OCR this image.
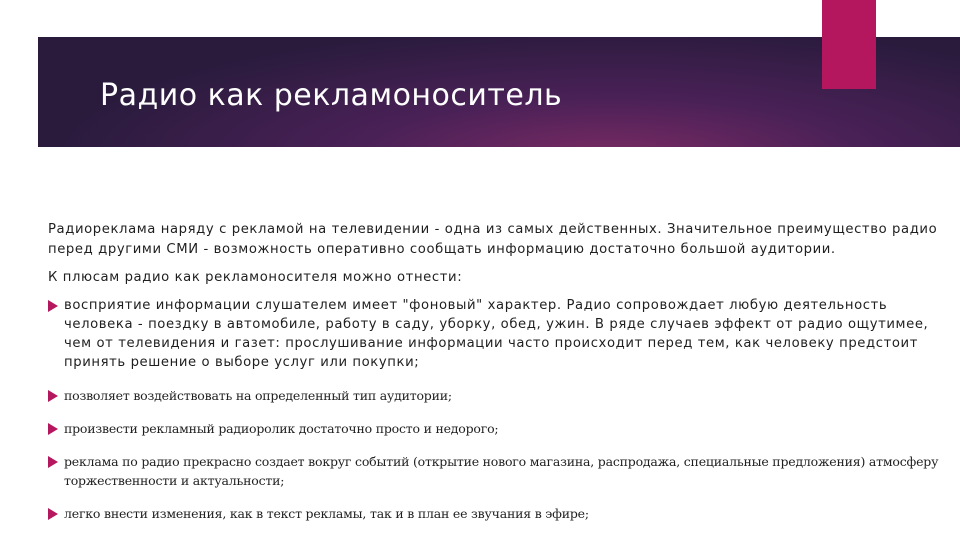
Радио как рекламоноситель

Радиореклама наряду с рекламой на телевидении - одна из самых действенных. Значительное преимущество радио перед другими СМИ - возможность оперативно сообщать информацию достаточно большой аудитории.

К плюсам радио как рекламоносителя можно отнести:

восприятие информации слушателем имеет "фоновый" характер. Радио сопровождает любую деятельность человека - поездку в автомобиле, работу в саду, уборку, обед, ужин. В ряде случаев эффект от радио ощутимее, чем от телевидения и газет: прослушивание информации часто происходит перед тем, как человеку предстоит принять решение о выборе услуг или покупки;
позволяет воздействовать на определенный тип аудитории;
произвести рекламный радиоролик достаточно просто и недорого;
реклама по радио прекрасно создает вокруг событий (открытие нового магазина, распродажа, специальные предложения) атмосферу торжественности и актуальности;
легко внести изменения, как в текст рекламы, так и в план ее звучания в эфире;
